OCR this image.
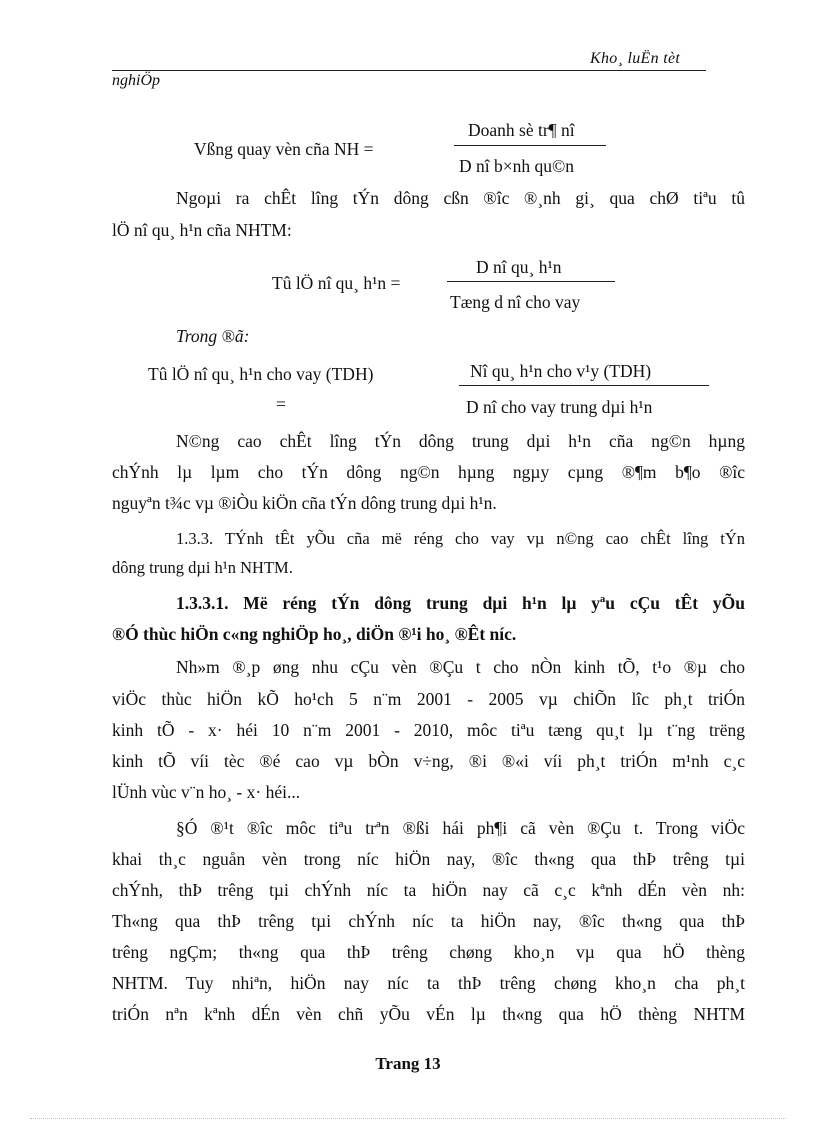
Kho¸ luËn tèt
nghiÖp
Vßng quay vèn cña NH =
Doanh sè tr¶ nî
D nî b×nh qu©n
Ngoµi ra chÊt lîng tÝn dông cßn ®îc ®¸nh gi¸ qua chØ tiªu tû
lÖ nî qu¸ h¹n cña NHTM:
Tû lÖ nî qu¸ h¹n =
D nî qu¸ h¹n
Tæng d nî cho vay
Trong ®ã:
Tû lÖ nî qu¸ h¹n cho vay (TDH)
=
Nî qu¸ h¹n cho v¹y (TDH)
D nî cho vay trung dµi h¹n
N©ng cao chÊt lîng tÝn dông trung dµi h¹n cña ng©n hµng
chÝnh lµ lµm cho tÝn dông ng©n hµng ngµy cµng ®¶m b¶o ®îc
nguyªn t¾c vµ ®iÒu kiÖn cña tÝn dông trung dµi h¹n.
1.3.3. TÝnh tÊt yÕu cña më réng cho vay vµ n©ng cao chÊt lîng tÝn
dông trung dµi h¹n NHTM.
1.3.3.1. Më réng tÝn dông trung dµi h¹n lµ yªu cÇu tÊt yÕu
®Ó thùc hiÖn c«ng nghiÖp ho¸, diÖn ®¹i ho¸ ®Êt níc.
Nh»m ®¸p øng nhu cÇu vèn ®Çu t cho nÒn kinh tÕ, t¹o ®µ cho
viÖc thùc hiÖn kÕ ho¹ch 5 n¨m 2001 - 2005 vµ chiÕn lîc ph¸t triÓn
kinh tÕ - x· héi 10 n¨m 2001 - 2010, môc tiªu tæng qu¸t lµ t¨ng trëng
kinh tÕ víi tèc ®é cao vµ bÒn v÷ng, ®i ®«i víi ph¸t triÓn m¹nh c¸c
lÜnh vùc v¨n ho¸ - x· héi...
§Ó ®¹t ®îc môc tiªu trªn ®ßi hái ph¶i cã vèn ®Çu t. Trong viÖc
khai th¸c nguån vèn trong níc hiÖn nay, ®îc th«ng qua thÞ trêng tµi
chÝnh, thÞ trêng tµi chÝnh níc ta hiÖn nay cã c¸c kªnh dÉn vèn nh:
Th«ng qua thÞ trêng tµi chÝnh níc ta hiÖn nay, ®îc th«ng qua thÞ
trêng ngÇm; th«ng qua thÞ trêng chøng kho¸n vµ qua hÖ thèng
NHTM. Tuy nhiªn, hiÖn nay níc ta thÞ trêng chøng kho¸n cha ph¸t
triÓn nªn kªnh dÉn vèn chñ yÕu vÉn lµ th«ng qua hÖ thèng NHTM
Trang 13
